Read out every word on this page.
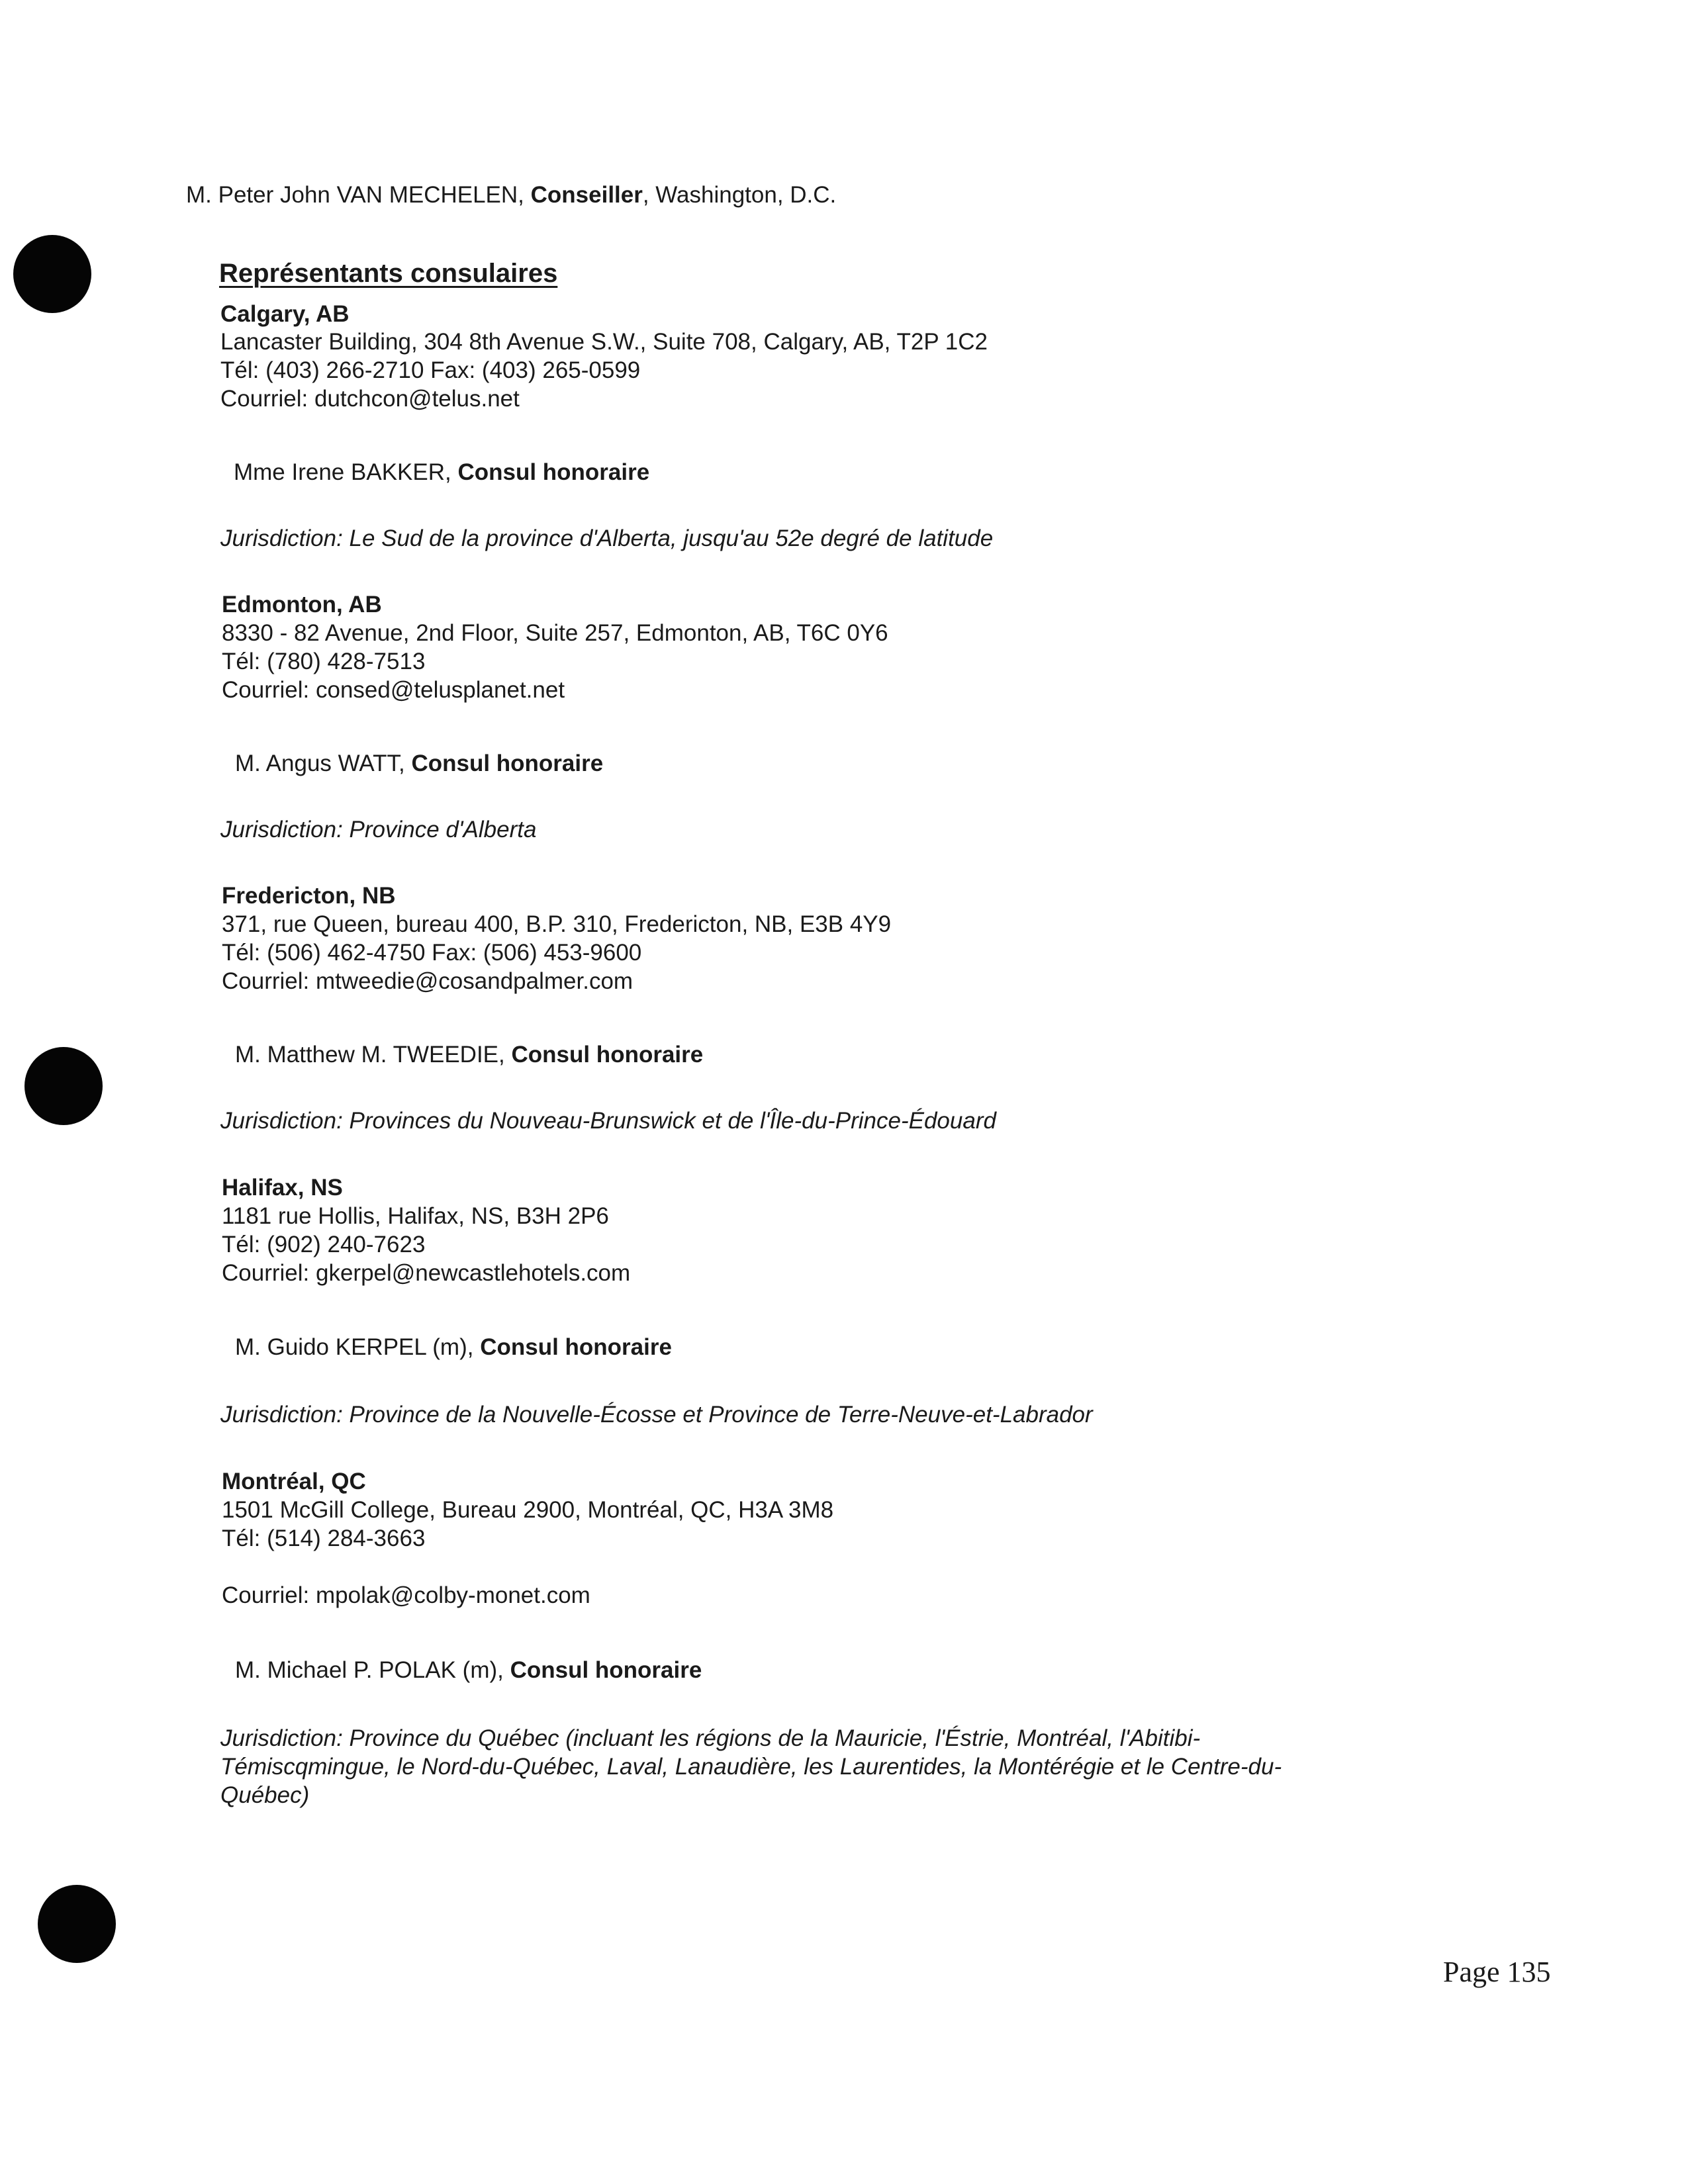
M. Peter John VAN MECHELEN, Conseiller, Washington, D.C.
Représentants consulaires
Calgary, AB
Lancaster Building, 304 8th Avenue S.W., Suite 708, Calgary, AB, T2P 1C2
Tél: (403) 266-2710 Fax: (403) 265-0599
Courriel: dutchcon@telus.net
Mme Irene BAKKER, Consul honoraire
Jurisdiction: Le Sud de la province d'Alberta, jusqu'au 52e degré de latitude
Edmonton, AB
8330 - 82 Avenue, 2nd Floor, Suite 257, Edmonton, AB, T6C 0Y6
Tél: (780) 428-7513
Courriel: consed@telusplanet.net
M. Angus WATT, Consul honoraire
Jurisdiction: Province d'Alberta
Fredericton, NB
371, rue Queen, bureau 400, B.P. 310, Fredericton, NB, E3B 4Y9
Tél: (506) 462-4750 Fax: (506) 453-9600
Courriel: mtweedie@cosandpalmer.com
M. Matthew M. TWEEDIE, Consul honoraire
Jurisdiction: Provinces du Nouveau-Brunswick et de l'Île-du-Prince-Édouard
Halifax, NS
1181 rue Hollis, Halifax, NS, B3H 2P6
Tél: (902) 240-7623
Courriel: gkerpel@newcastlehotels.com
M. Guido KERPEL (m), Consul honoraire
Jurisdiction: Province de la Nouvelle-Écosse et Province de Terre-Neuve-et-Labrador
Montréal, QC
1501 McGill College, Bureau 2900, Montréal, QC, H3A 3M8
Tél: (514) 284-3663
Courriel: mpolak@colby-monet.com
M. Michael P. POLAK (m), Consul honoraire
Jurisdiction: Province du Québec (incluant les régions de la Mauricie, l'Éstrie, Montréal, l'Abitibi-Témiscqmingue, le Nord-du-Québec, Laval, Lanaudière, les Laurentides, la Montérégie et le Centre-du-Québec)
Page 135
